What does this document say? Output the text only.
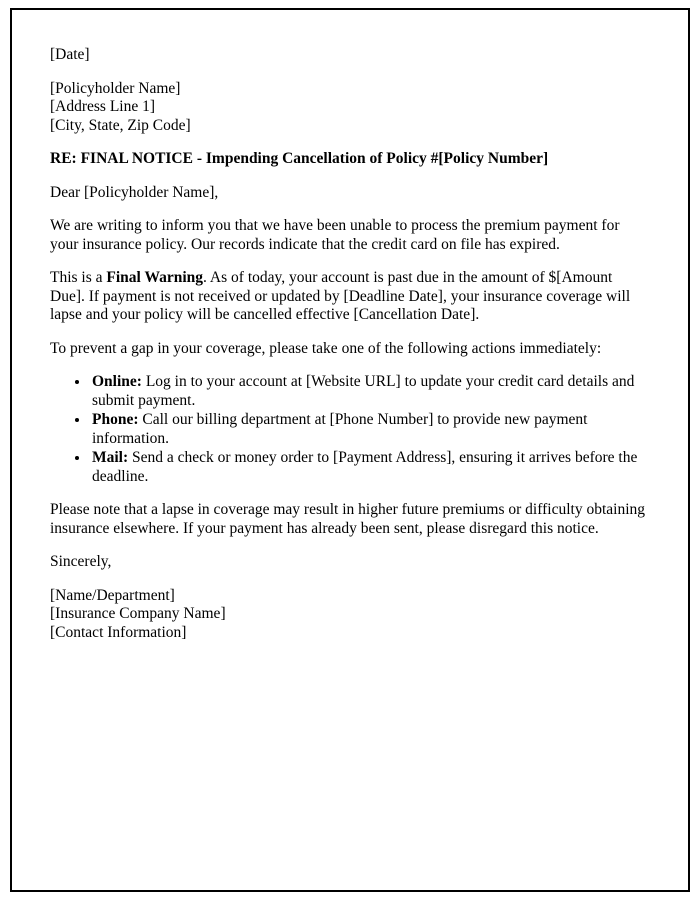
[Date]

[Policyholder Name]

[Address Line 1]

[City, State, Zip Code]

RE: FINAL NOTICE - Impending Cancellation of Policy #[Policy Number]

Dear [Policyholder Name],

We are writing to inform you that we have been unable to process the premium payment for your insurance policy. Our records indicate that the credit card on file has expired.

This is a Final Warning. As of today, your account is past due in the amount of $[Amount Due]. If payment is not received or updated by [Deadline Date], your insurance coverage will lapse and your policy will be cancelled effective [Cancellation Date].

To prevent a gap in your coverage, please take one of the following actions immediately:

• Online: Log in to your account at [Website URL] to update your credit card details and submit payment.
• Phone: Call our billing department at [Phone Number] to provide new payment information.
• Mail: Send a check or money order to [Payment Address], ensuring it arrives before the deadline.

Please note that a lapse in coverage may result in higher future premiums or difficulty obtaining insurance elsewhere. If your payment has already been sent, please disregard this notice.

Sincerely,

[Name/Department]

[Insurance Company Name]

[Contact Information]
